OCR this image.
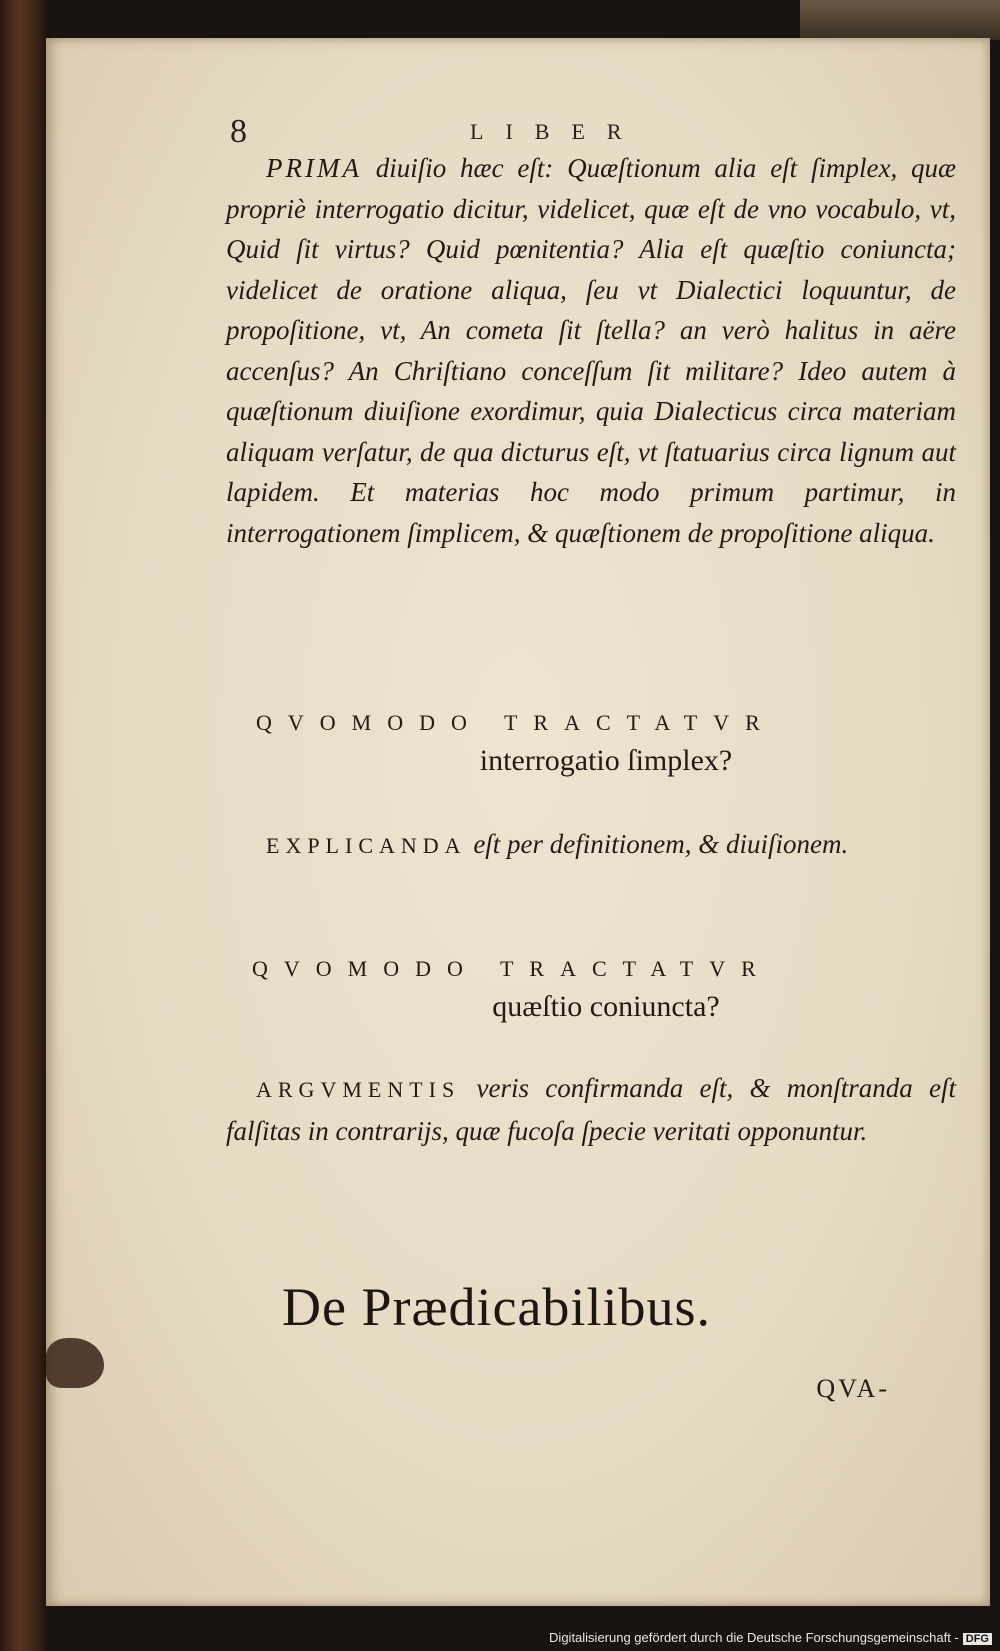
8	LIBER
PRIMA diuiſio hæc eſt: Quæſtionum alia eſt ſimplex, quæ propriè interrogatio dicitur, videlicet, quæ eſt de vno vocabulo, vt, Quid ſit virtus? Quid pœnitentia? Alia eſt quæſtio coniuncta; videlicet de oratione aliqua, ſeu vt Dialectici loquuntur, de propoſitione, vt, An cometa ſit ſtella? an verò halitus in aëre accenſus? An Chriſtiano conceſſum ſit militare? Ideo autem à quæſtionum diuiſione exordimur, quia Dialecticus circa materiam aliquam verſatur, de qua dicturus eſt, vt ſtatuarius circa lignum aut lapidem. Et materias hoc modo primum partimur, in interrogationem ſimplicem, & quæſtionem de propoſitione aliqua.
QVOMODO TRACTATVR
interrogatio ſimplex?
EXPLICANDA eſt per definitionem, & diuiſionem.
QVOMODO TRACTATVR
quæſtio coniuncta?
ARGVMENTIS veris confirmanda eſt, & monſtranda eſt falſitas in contrarijs, quæ fucoſa ſpecie veritati opponuntur.
De Prædicabilibus.
QVA-
Digitalisierung gefördert durch die Deutsche Forschungsgemeinschaft - DFG
